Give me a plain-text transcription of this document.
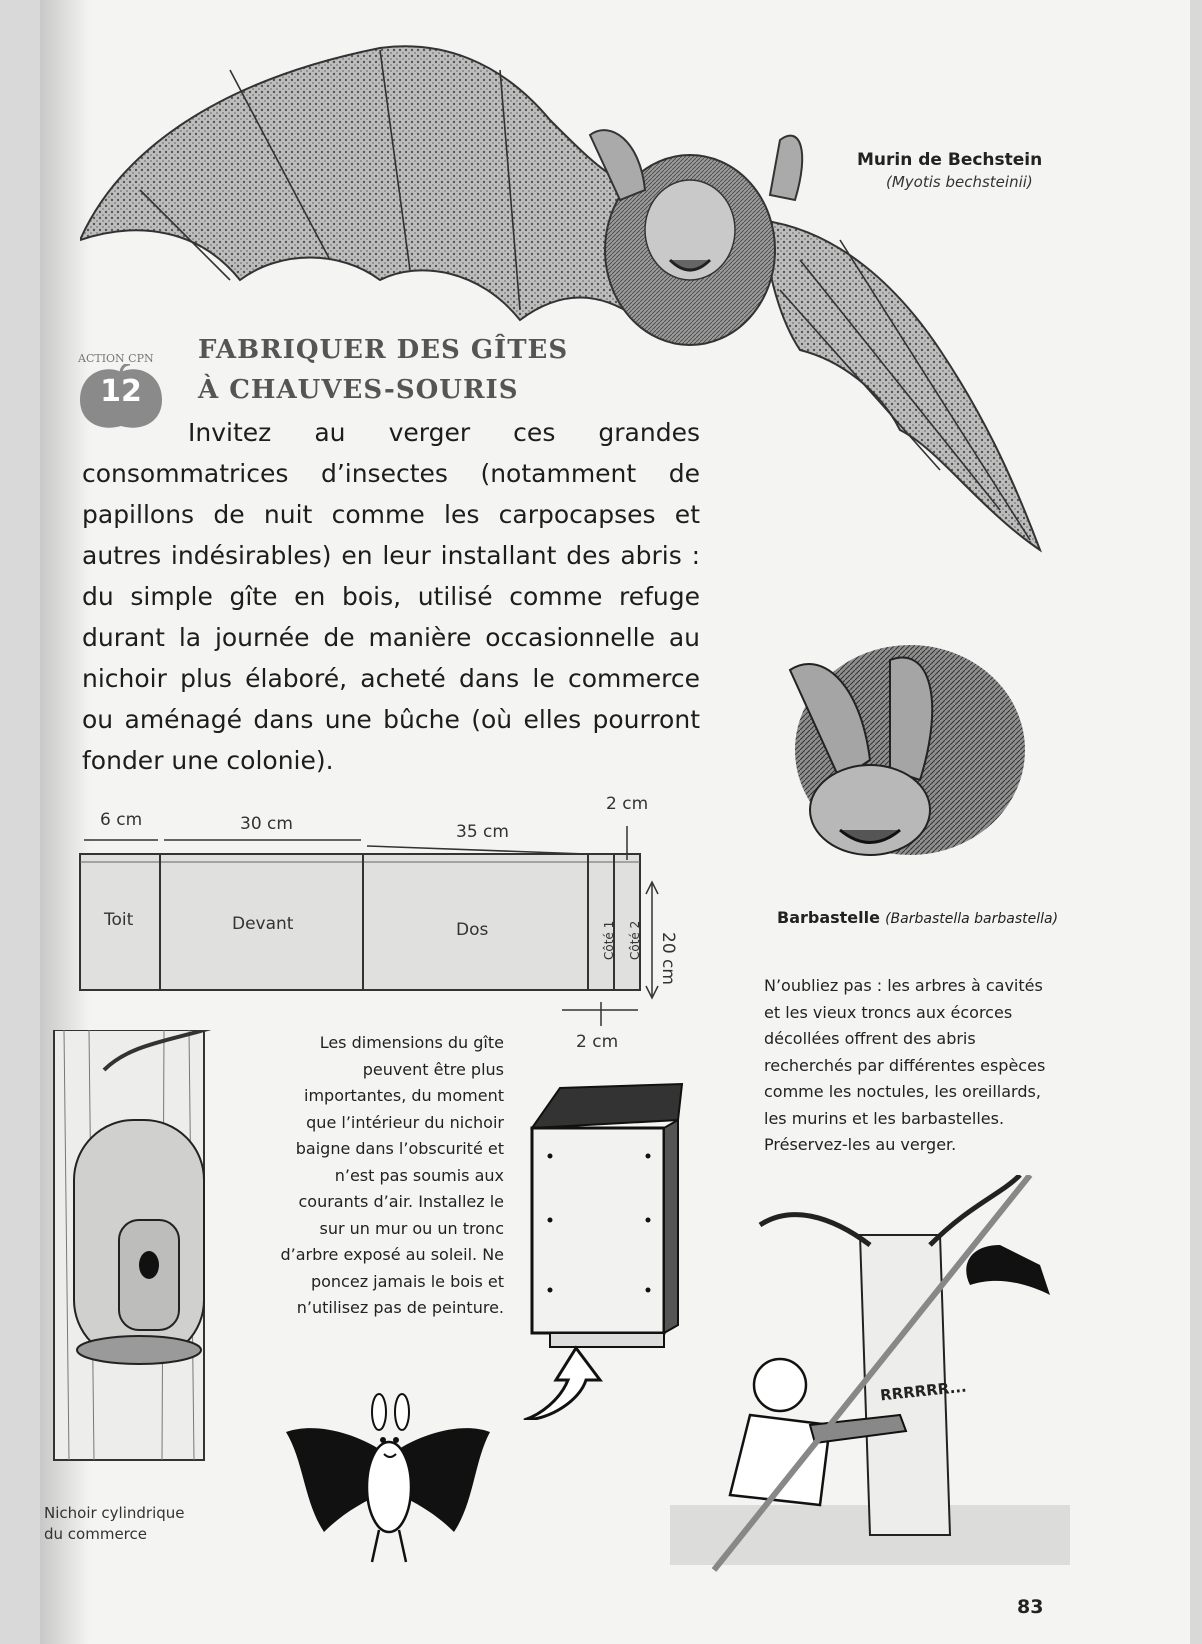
Murin de Bechstein
(Myotis bechsteinii)
ACTION CPN
12
FABRIQUER DES GÎTES
À CHAUVES-SOURIS
Invitez au verger ces grandes consommatrices d’insectes (notamment de papillons de nuit comme les carpocapses et autres indésirables) en leur installant des abris : du simple gîte en bois, utilisé comme refuge durant la journée de manière occasionnelle au nichoir plus élaboré, acheté dans le commerce ou aménagé dans une bûche (où elles pourront fonder une colonie).
Barbastelle (Barbastella barbastella)
6 cm	30 cm	35 cm
2 cm
2 cm
20 cm
Toit	Devant	Dos	Côté 1 Côté 2
Nichoir cylindrique
du commerce
Les dimensions du gîte
peuvent être plus
importantes, du moment
que l’intérieur du nichoir
baigne dans l’obscurité et
n’est pas soumis aux
courants d’air. Installez le
sur un mur ou un tronc
d’arbre exposé au soleil. Ne
poncez jamais le bois et
n’utilisez pas de peinture.
N’oubliez pas : les arbres à cavités
et les vieux troncs aux écorces
décollées offrent des abris
recherchés par différentes espèces
comme les noctules, les oreillards,
les murins et les barbastelles.
Préservez-les au verger.
RRRRRR...
83
